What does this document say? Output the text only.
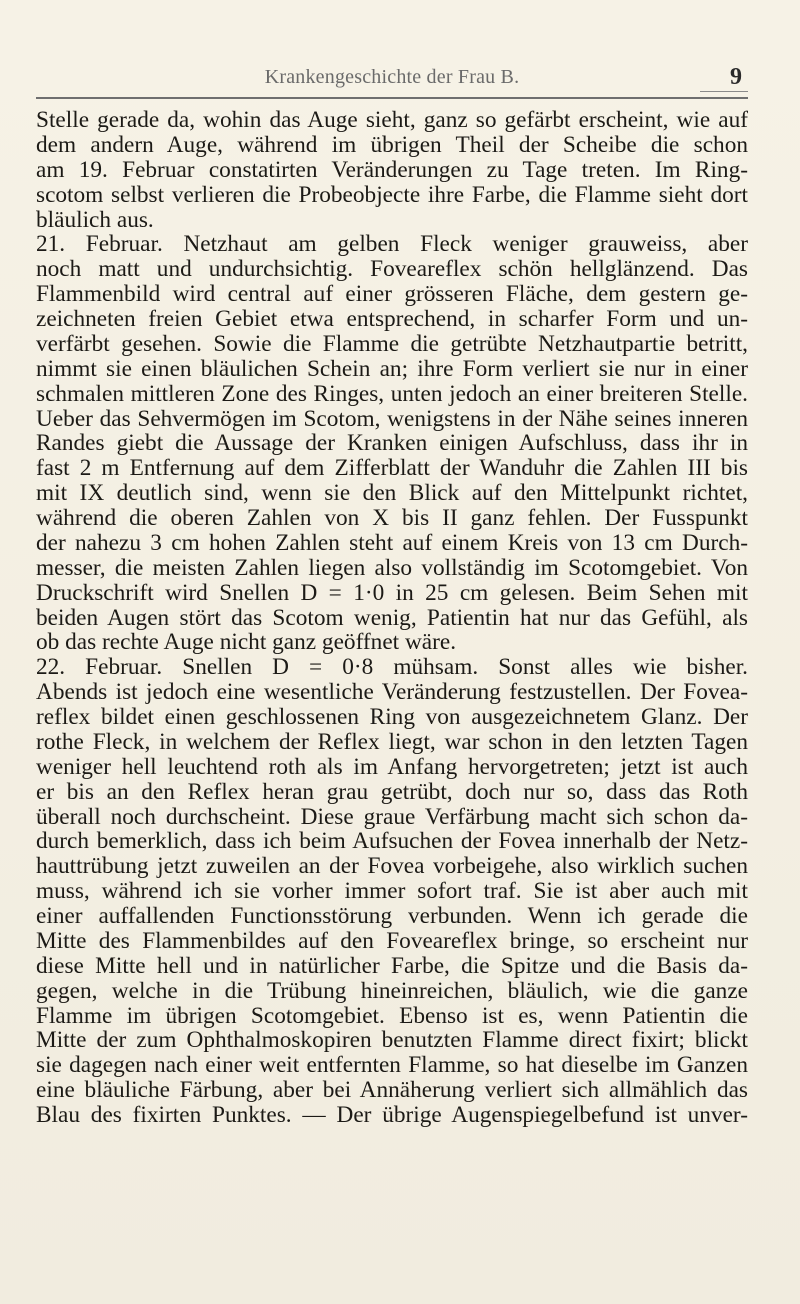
Krankengeschichte der Frau B.	9
Stelle gerade da, wohin das Auge sieht, ganz so gefärbt erscheint, wie auf
dem andern Auge, während im übrigen Theil der Scheibe die schon
am 19. Februar constatirten Veränderungen zu Tage treten. Im Ring-
scotom selbst verlieren die Probeobjecte ihre Farbe, die Flamme sieht dort
bläulich aus.
21. Februar. Netzhaut am gelben Fleck weniger grauweiss, aber
noch matt und undurchsichtig. Foveareflex schön hellglänzend. Das
Flammenbild wird central auf einer grösseren Fläche, dem gestern ge-
zeichneten freien Gebiet etwa entsprechend, in scharfer Form und un-
verfärbt gesehen. Sowie die Flamme die getrübte Netzhautpartie betritt,
nimmt sie einen bläulichen Schein an; ihre Form verliert sie nur in einer
schmalen mittleren Zone des Ringes, unten jedoch an einer breiteren Stelle.
Ueber das Sehvermögen im Scotom, wenigstens in der Nähe seines inneren
Randes giebt die Aussage der Kranken einigen Aufschluss, dass ihr in
fast 2 m Entfernung auf dem Zifferblatt der Wanduhr die Zahlen III bis
mit IX deutlich sind, wenn sie den Blick auf den Mittelpunkt richtet,
während die oberen Zahlen von X bis II ganz fehlen. Der Fusspunkt
der nahezu 3 cm hohen Zahlen steht auf einem Kreis von 13 cm Durch-
messer, die meisten Zahlen liegen also vollständig im Scotomgebiet. Von
Druckschrift wird Snellen D = 1·0 in 25 cm gelesen. Beim Sehen mit
beiden Augen stört das Scotom wenig, Patientin hat nur das Gefühl, als
ob das rechte Auge nicht ganz geöffnet wäre.
22. Februar. Snellen D = 0·8 mühsam. Sonst alles wie bisher.
Abends ist jedoch eine wesentliche Veränderung festzustellen. Der Fovea-
reflex bildet einen geschlossenen Ring von ausgezeichnetem Glanz. Der
rothe Fleck, in welchem der Reflex liegt, war schon in den letzten Tagen
weniger hell leuchtend roth als im Anfang hervorgetreten; jetzt ist auch
er bis an den Reflex heran grau getrübt, doch nur so, dass das Roth
überall noch durchscheint. Diese graue Verfärbung macht sich schon da-
durch bemerklich, dass ich beim Aufsuchen der Fovea innerhalb der Netz-
hauttrübung jetzt zuweilen an der Fovea vorbeigehe, also wirklich suchen
muss, während ich sie vorher immer sofort traf. Sie ist aber auch mit
einer auffallenden Functionsstörung verbunden. Wenn ich gerade die
Mitte des Flammenbildes auf den Foveareflex bringe, so erscheint nur
diese Mitte hell und in natürlicher Farbe, die Spitze und die Basis da-
gegen, welche in die Trübung hineinreichen, bläulich, wie die ganze
Flamme im übrigen Scotomgebiet. Ebenso ist es, wenn Patientin die
Mitte der zum Ophthalmoskopiren benutzten Flamme direct fixirt; blickt
sie dagegen nach einer weit entfernten Flamme, so hat dieselbe im Ganzen
eine bläuliche Färbung, aber bei Annäherung verliert sich allmählich das
Blau des fixirten Punktes. — Der übrige Augenspiegelbefund ist unver-
